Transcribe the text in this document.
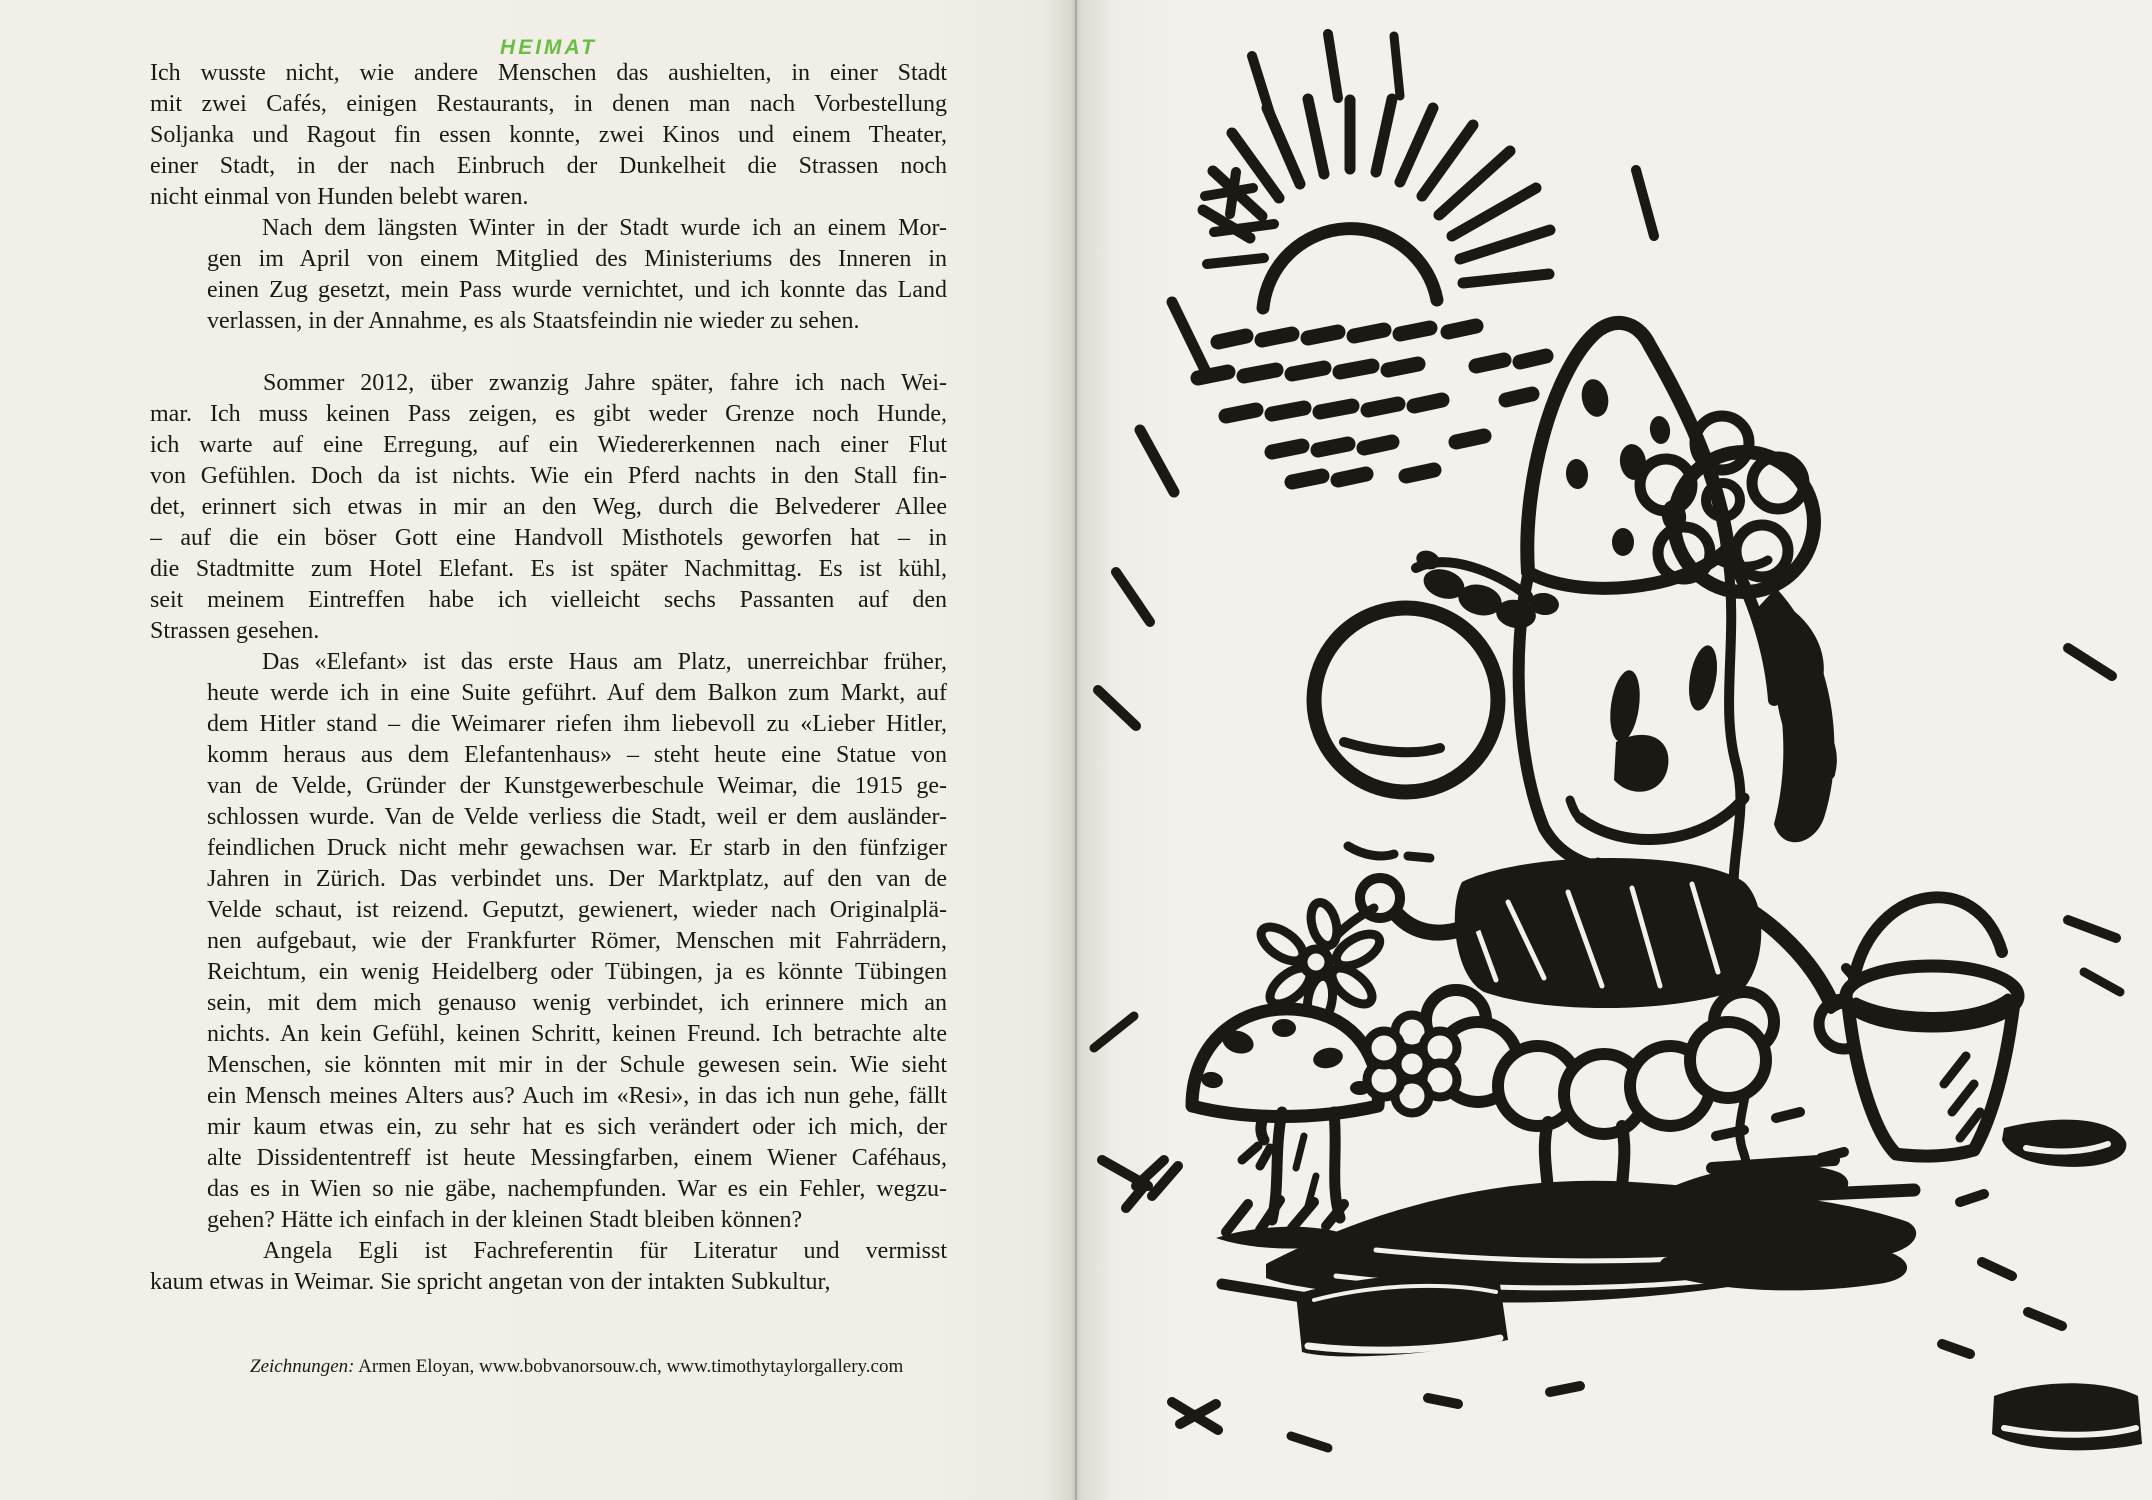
HEIMAT
Ich wusste nicht, wie andere Menschen das aushielten, in einer Stadt
mit zwei Cafés, einigen Restaurants, in denen man nach Vorbestellung
Soljanka und Ragout fin essen konnte, zwei Kinos und einem Theater,
einer Stadt, in der nach Einbruch der Dunkelheit die Strassen noch
nicht einmal von Hunden belebt waren.
Nach dem längsten Winter in der Stadt wurde ich an einem Mor-
gen im April von einem Mitglied des Ministeriums des Inneren in
einen Zug gesetzt, mein Pass wurde vernichtet, und ich konnte das Land
verlassen, in der Annahme, es als Staatsfeindin nie wieder zu sehen.
Sommer 2012, über zwanzig Jahre später, fahre ich nach Wei-
mar. Ich muss keinen Pass zeigen, es gibt weder Grenze noch Hunde,
ich warte auf eine Erregung, auf ein Wiedererkennen nach einer Flut
von Gefühlen. Doch da ist nichts. Wie ein Pferd nachts in den Stall fin-
det, erinnert sich etwas in mir an den Weg, durch die Belvederer Allee
– auf die ein böser Gott eine Handvoll Misthotels geworfen hat – in
die Stadtmitte zum Hotel Elefant. Es ist später Nachmittag. Es ist kühl,
seit meinem Eintreffen habe ich vielleicht sechs Passanten auf den
Strassen gesehen.
Das «Elefant» ist das erste Haus am Platz, unerreichbar früher,
heute werde ich in eine Suite geführt. Auf dem Balkon zum Markt, auf
dem Hitler stand – die Weimarer riefen ihm liebevoll zu «Lieber Hitler,
komm heraus aus dem Elefantenhaus» – steht heute eine Statue von
van de Velde, Gründer der Kunstgewerbeschule Weimar, die 1915 ge-
schlossen wurde. Van de Velde verliess die Stadt, weil er dem ausländer-
feindlichen Druck nicht mehr gewachsen war. Er starb in den fünfziger
Jahren in Zürich. Das verbindet uns. Der Marktplatz, auf den van de
Velde schaut, ist reizend. Geputzt, gewienert, wieder nach Originalplä-
nen aufgebaut, wie der Frankfurter Römer, Menschen mit Fahrrädern,
Reichtum, ein wenig Heidelberg oder Tübingen, ja es könnte Tübingen
sein, mit dem mich genauso wenig verbindet, ich erinnere mich an
nichts. An kein Gefühl, keinen Schritt, keinen Freund. Ich betrachte alte
Menschen, sie könnten mit mir in der Schule gewesen sein. Wie sieht
ein Mensch meines Alters aus? Auch im «Resi», in das ich nun gehe, fällt
mir kaum etwas ein, zu sehr hat es sich verändert oder ich mich, der
alte Dissidententreff ist heute Messingfarben, einem Wiener Caféhaus,
das es in Wien so nie gäbe, nachempfunden. War es ein Fehler, wegzu-
gehen? Hätte ich einfach in der kleinen Stadt bleiben können?
Angela Egli ist Fachreferentin für Literatur und vermisst
kaum etwas in Weimar. Sie spricht angetan von der intakten Subkultur,
Zeichnungen: Armen Eloyan, www.bobvanorsouw.ch, www.timothytaylorgallery.com
